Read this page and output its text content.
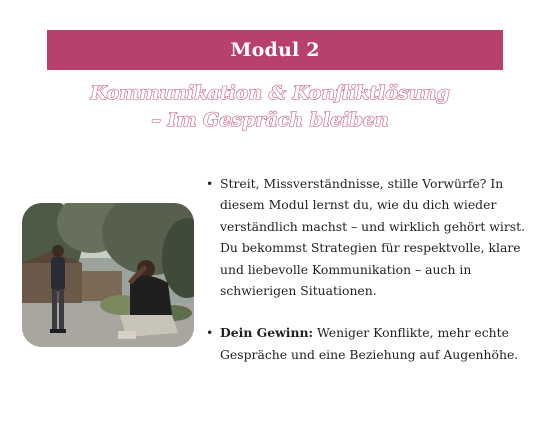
Modul 2
Kommunikation & Konfliktlösung
– Im Gespräch bleiben
• Streit, Missverständnisse, stille Vorwürfe? In diesem Modul lernst du, wie du dich wieder verständlich machst – und wirklich gehört wirst. Du bekommst Strategien für respektvolle, klare und liebevolle Kommunikation – auch in schwierigen Situationen.
• Dein Gewinn: Weniger Konflikte, mehr echte Gespräche und eine Beziehung auf Augenhöhe.
